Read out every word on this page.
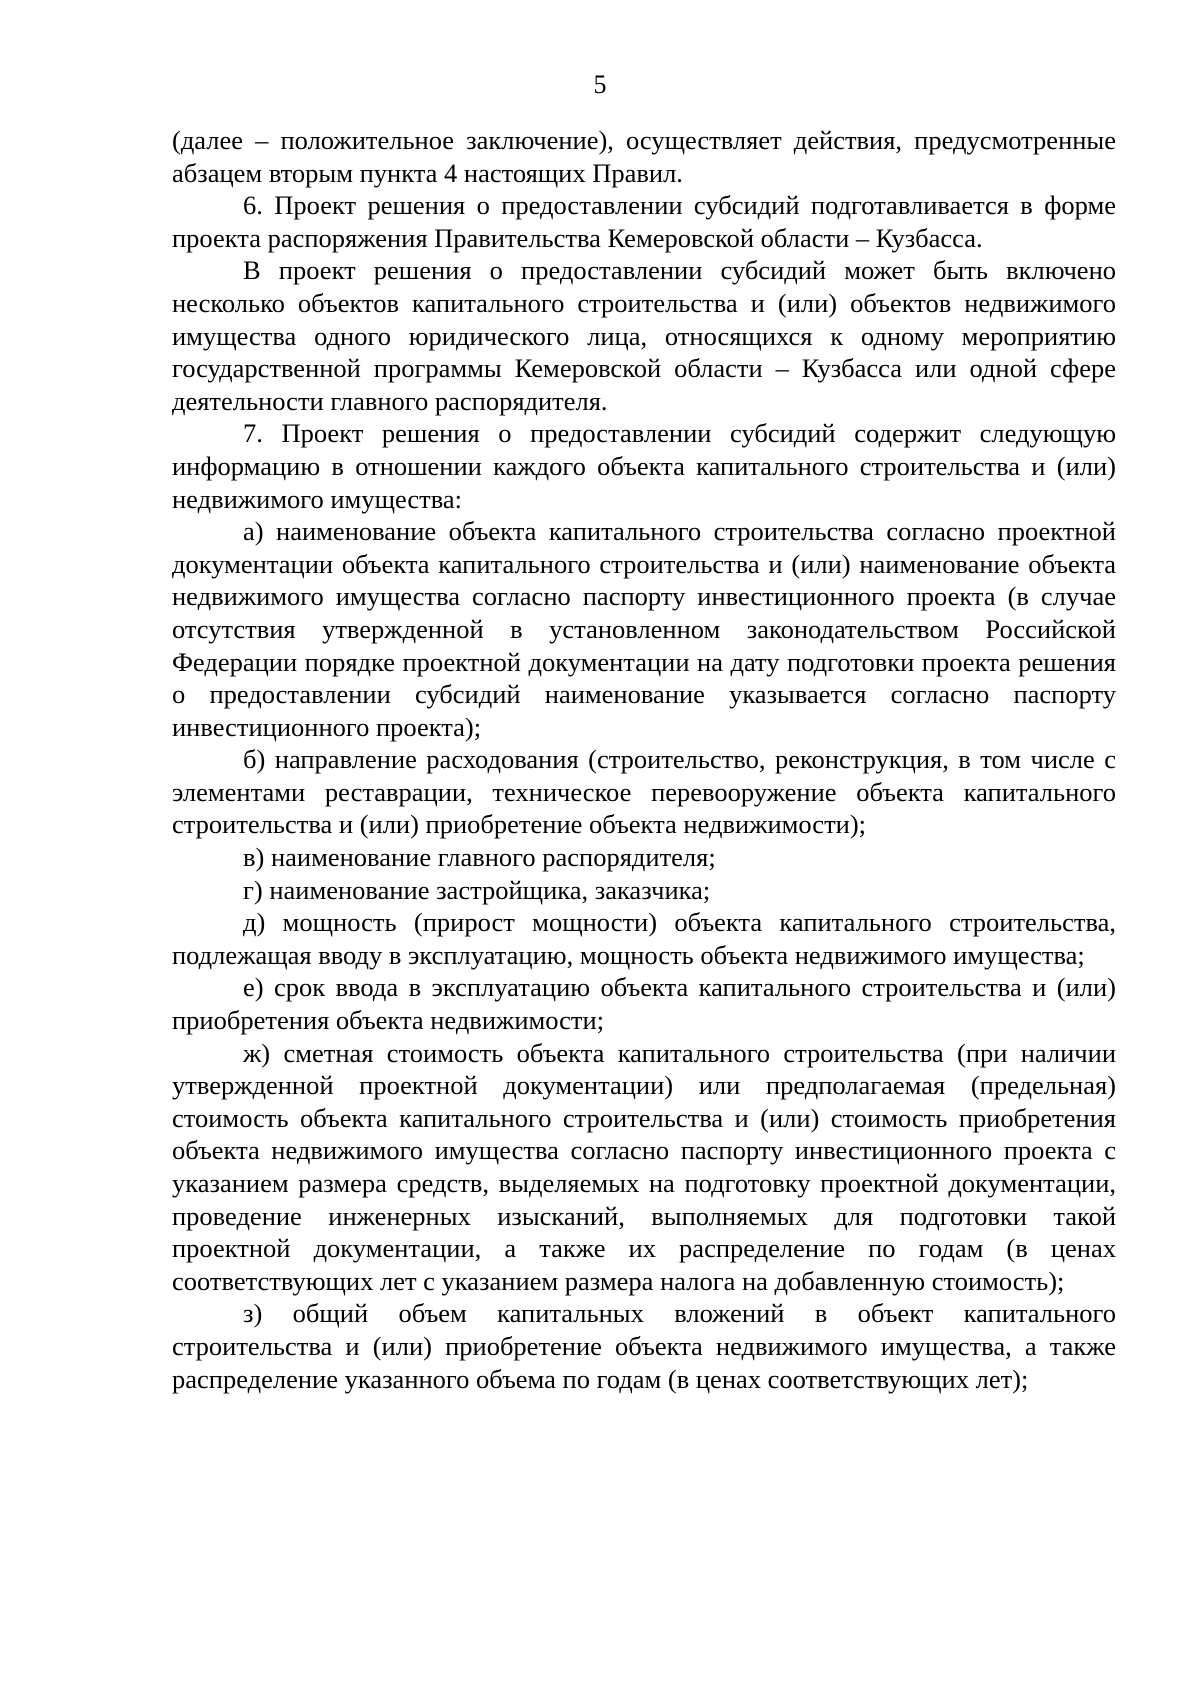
5

(далее – положительное заключение), осуществляет действия, предусмотренные абзацем вторым пункта 4 настоящих Правил.

6. Проект решения о предоставлении субсидий подготавливается в форме проекта распоряжения Правительства Кемеровской области – Кузбасса.

В проект решения о предоставлении субсидий может быть включено несколько объектов капитального строительства и (или) объектов недвижимого имущества одного юридического лица, относящихся к одному мероприятию государственной программы Кемеровской области – Кузбасса или одной сфере деятельности главного распорядителя.

7. Проект решения о предоставлении субсидий содержит следующую информацию в отношении каждого объекта капитального строительства и (или) недвижимого имущества:

а) наименование объекта капитального строительства согласно проектной документации объекта капитального строительства и (или) наименование объекта недвижимого имущества согласно паспорту инвестиционного проекта (в случае отсутствия утвержденной в установленном законодательством Российской Федерации порядке проектной документации на дату подготовки проекта решения о предоставлении субсидий наименование указывается согласно паспорту инвестиционного проекта);

б) направление расходования (строительство, реконструкция, в том числе с элементами реставрации, техническое перевооружение объекта капитального строительства и (или) приобретение объекта недвижимости);

в) наименование главного распорядителя;

г) наименование застройщика, заказчика;

д) мощность (прирост мощности) объекта капитального строительства, подлежащая вводу в эксплуатацию, мощность объекта недвижимого имущества;

е) срок ввода в эксплуатацию объекта капитального строительства и (или) приобретения объекта недвижимости;

ж) сметная стоимость объекта капитального строительства (при наличии утвержденной проектной документации) или предполагаемая (предельная) стоимость объекта капитального строительства и (или) стоимость приобретения объекта недвижимого имущества согласно паспорту инвестиционного проекта с указанием размера средств, выделяемых на подготовку проектной документации, проведение инженерных изысканий, выполняемых для подготовки такой проектной документации, а также их распределение по годам (в ценах соответствующих лет с указанием размера налога на добавленную стоимость);

з) общий объем капитальных вложений в объект капитального строительства и (или) приобретение объекта недвижимого имущества, а также распределение указанного объема по годам (в ценах соответствующих лет);
